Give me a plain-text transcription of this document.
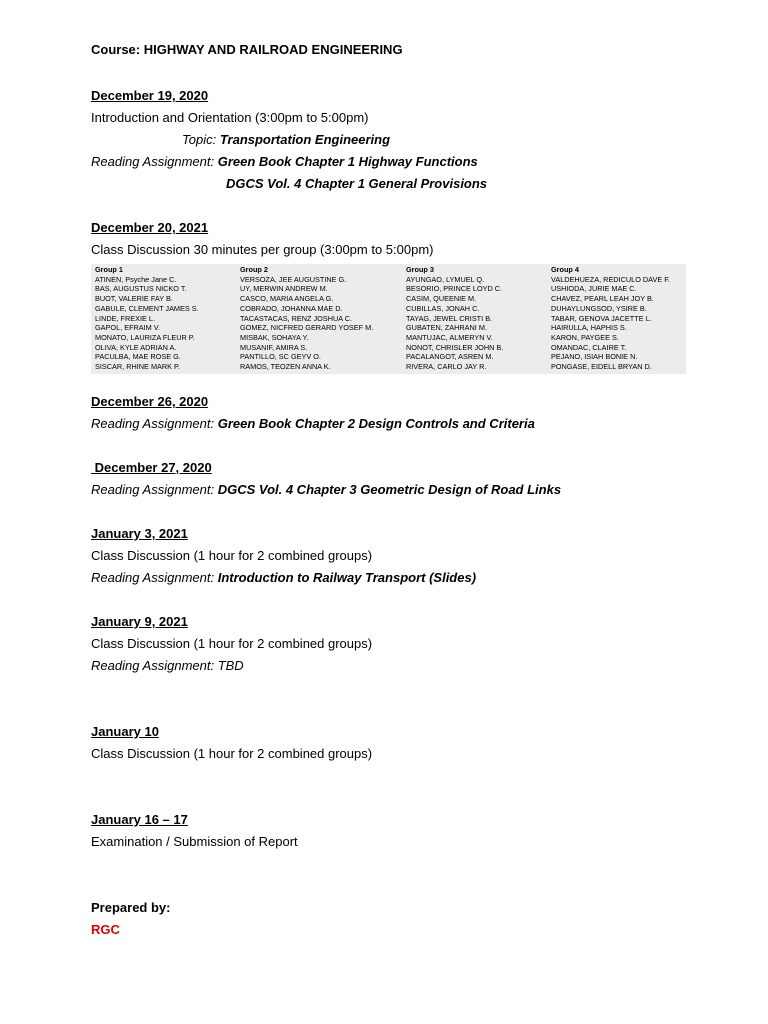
Course: HIGHWAY AND RAILROAD ENGINEERING
December 19, 2020
Introduction and Orientation (3:00pm to 5:00pm)
Topic: Transportation Engineering
Reading Assignment: Green Book Chapter 1 Highway Functions
DGCS Vol. 4 Chapter 1 General Provisions
December 20, 2021
Class Discussion 30 minutes per group (3:00pm to 5:00pm)
Group 1
ATINEN, Psyche Jane C.
BAS, AUGUSTUS NICKO T.
BUOT, VALERIE FAY B.
GABULE, CLEMENT JAMES S.
LINDE, FREXIE L.
GAPOL, EFRAIM V.
MONATO, LAURIZA FLEUR P.
OLIVA, KYLE ADRIAN A.
PACULBA, MAE ROSE G.
SISCAR, RHINE MARK P.
Group 2
VERSOZA, JEE AUGUSTINE G.
UY, MERWIN ANDREW M.
CASCO, MARIA ANGELA G.
COBRADO, JOHANNA MAE D.
TACASTACAS, RENZ JOSHUA C.
GOMEZ, NICFRED GERARD YOSEF M.
MISBAK, SOHAYA Y.
MUSANIF, AMIRA S.
PANTILLO, SC GEYV O.
RAMOS, TEOZEN ANNA K.
Group 3
AYUNGAO, LYMUEL Q.
BESORIO, PRINCE LOYD C.
CASIM, QUEENIE M.
CUBILLAS, JONAH C.
TAYAG, JEWEL CRISTI B.
GUBATEN, ZAHRANI M.
MANTUJAC, ALMERYN V.
NONOT, CHRISLER JOHN B.
PACALANGOT, ASREN M.
RIVERA, CARLO JAY R.
Group 4
VALDEHUEZA, REDICULO DAVE F.
USHIODA, JURIE MAE C.
CHAVEZ, PEARL LEAH JOY B.
DUHAYLUNGSOD, YSIRE B.
TABAR, GENOVA JACETTE L.
HAIRULLA, HAPHIS S.
KARON, PAYGEE S.
OMANDAC, CLAIRE T.
PEJANO, ISIAH BONIE N.
PONGASE, EIDELL BRYAN D.
December 26, 2020
Reading Assignment: Green Book Chapter 2 Design Controls and Criteria
December 27, 2020
Reading Assignment: DGCS Vol. 4 Chapter 3 Geometric Design of Road Links
January 3, 2021
Class Discussion (1 hour for 2 combined groups)
Reading Assignment: Introduction to Railway Transport (Slides)
January 9, 2021
Class Discussion (1 hour for 2 combined groups)
Reading Assignment: TBD
January 10
Class Discussion (1 hour for 2 combined groups)
January 16 – 17
Examination / Submission of Report
Prepared by:
RGC
